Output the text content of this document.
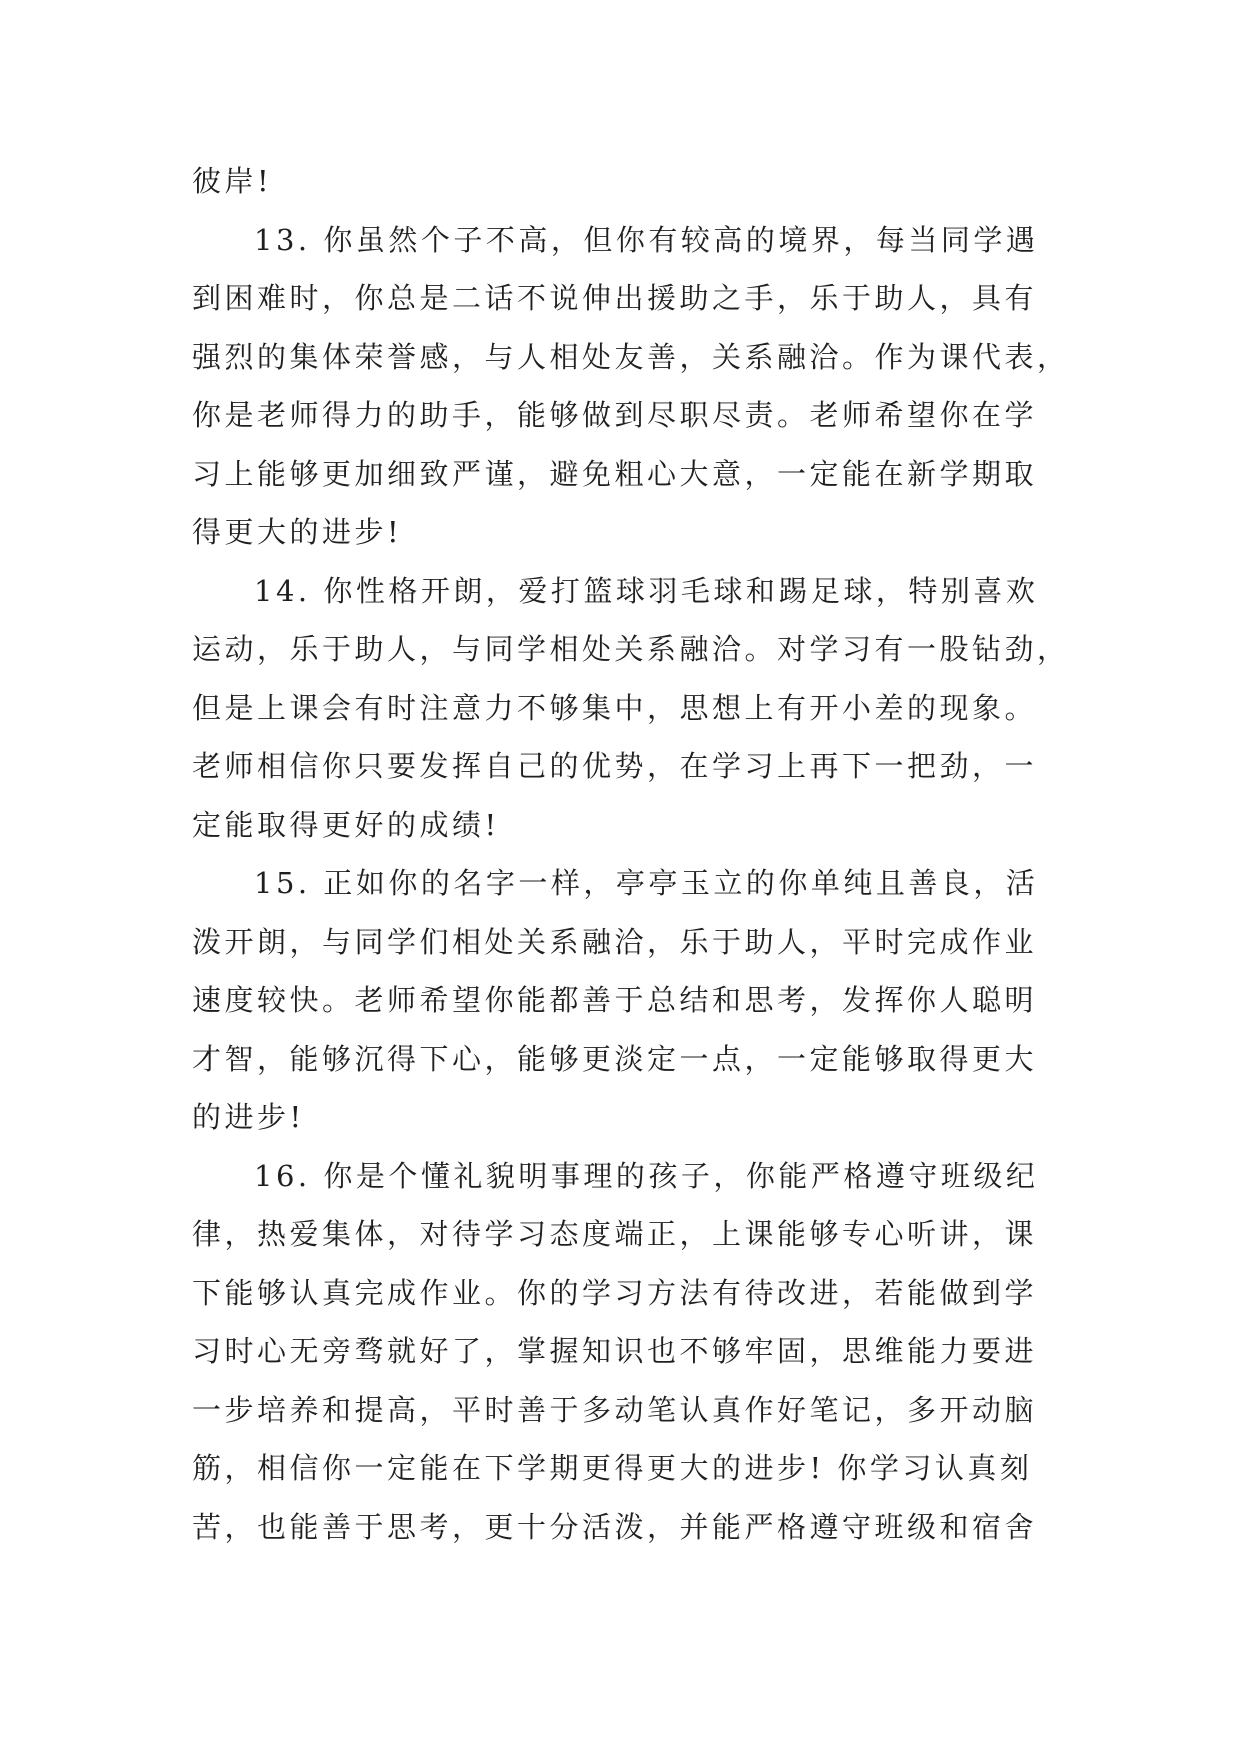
彼岸!
13. 你虽然个子不高，但你有较高的境界，每当同学遇
到困难时，你总是二话不说伸出援助之手，乐于助人，具有
强烈的集体荣誉感，与人相处友善，关系融洽。作为课代表，
你是老师得力的助手，能够做到尽职尽责。老师希望你在学
习上能够更加细致严谨，避免粗心大意，一定能在新学期取
得更大的进步!
14. 你性格开朗，爱打篮球羽毛球和踢足球，特别喜欢
运动，乐于助人，与同学相处关系融洽。对学习有一股钻劲，
但是上课会有时注意力不够集中，思想上有开小差的现象。
老师相信你只要发挥自己的优势，在学习上再下一把劲，一
定能取得更好的成绩!
15. 正如你的名字一样，亭亭玉立的你单纯且善良，活
泼开朗，与同学们相处关系融洽，乐于助人，平时完成作业
速度较快。老师希望你能都善于总结和思考，发挥你人聪明
才智，能够沉得下心，能够更淡定一点，一定能够取得更大
的进步!
16. 你是个懂礼貌明事理的孩子，你能严格遵守班级纪
律，热爱集体，对待学习态度端正，上课能够专心听讲，课
下能够认真完成作业。你的学习方法有待改进，若能做到学
习时心无旁骛就好了，掌握知识也不够牢固，思维能力要进
一步培养和提高，平时善于多动笔认真作好笔记，多开动脑
筋，相信你一定能在下学期更得更大的进步! 你学习认真刻
苦，也能善于思考，更十分活泼，并能严格遵守班级和宿舍
